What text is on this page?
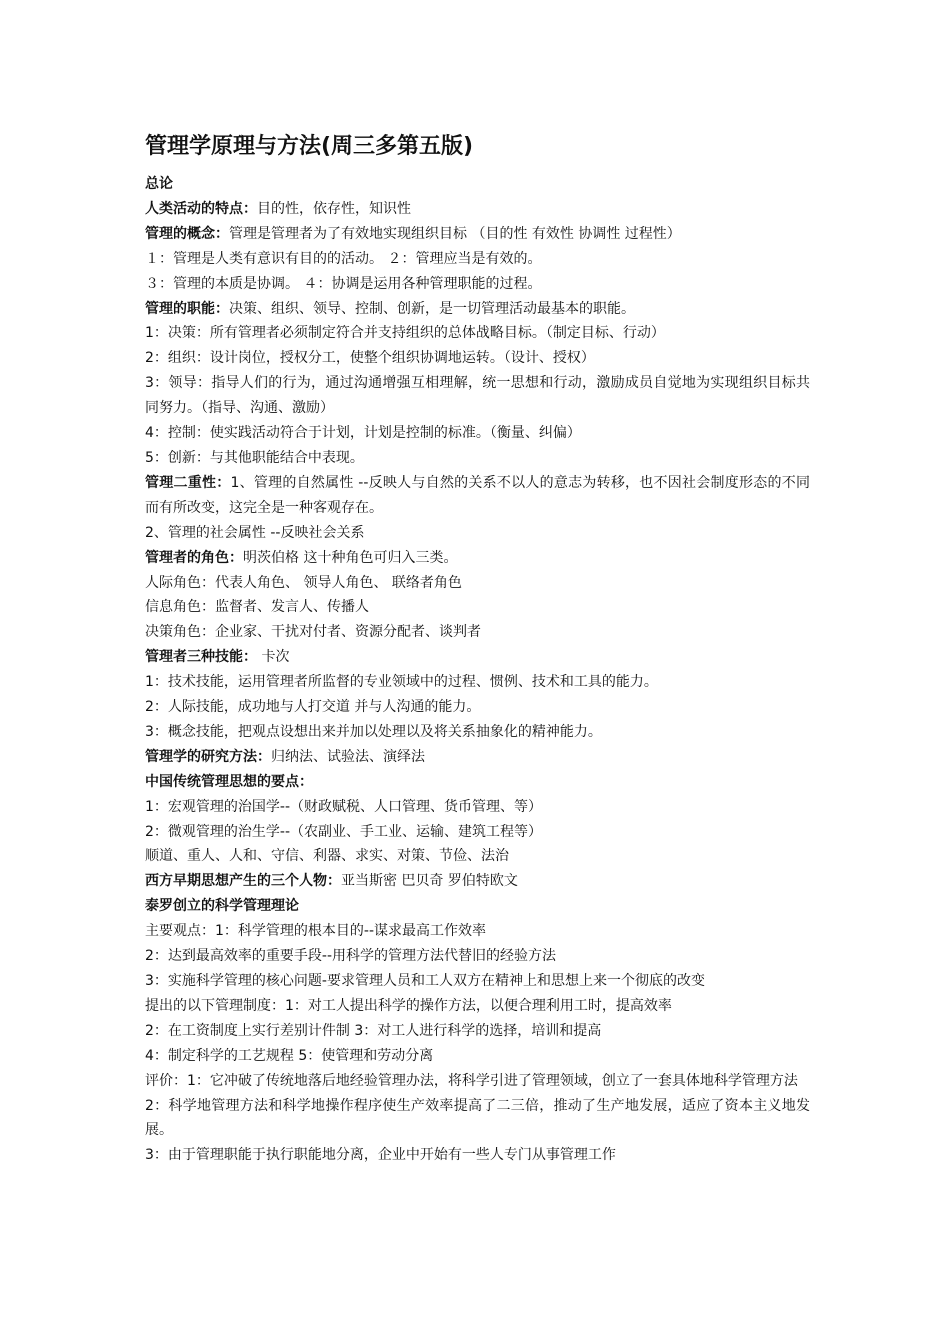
管理学原理与方法(周三多第五版)

总论

人类活动的特点：目的性，依存性，知识性

管理的概念：管理是管理者为了有效地实现组织目标 （目的性 有效性 协调性 过程性）

１：管理是人类有意识有目的的活动。 ２：管理应当是有效的。

３：管理的本质是协调。 ４：协调是运用各种管理职能的过程。

管理的职能：决策、组织、领导、控制、创新，是一切管理活动最基本的职能。

1：决策：所有管理者必须制定符合并支持组织的总体战略目标。（制定目标、行动）

2：组织：设计岗位，授权分工，使整个组织协调地运转。（设计、授权）

3：领导：指导人们的行为，通过沟通增强互相理解，统一思想和行动，激励成员自觉地为实现组织目标共同努力。（指导、沟通、激励）

4：控制：使实践活动符合于计划，计划是控制的标准。（衡量、纠偏）

5：创新：与其他职能结合中表现。

管理二重性：1、管理的自然属性 --反映人与自然的关系不以人的意志为转移，也不因社会制度形态的不同而有所改变，这完全是一种客观存在。

2、管理的社会属性 --反映社会关系

管理者的角色：明茨伯格 这十种角色可归入三类。

人际角色：代表人角色、 领导人角色、 联络者角色

信息角色：监督者、发言人、传播人

决策角色：企业家、干扰对付者、资源分配者、谈判者

管理者三种技能： 卡次

1：技术技能，运用管理者所监督的专业领域中的过程、惯例、技术和工具的能力。

2：人际技能，成功地与人打交道 并与人沟通的能力。

3：概念技能，把观点设想出来并加以处理以及将关系抽象化的精神能力。

管理学的研究方法：归纳法、试验法、演绎法

中国传统管理思想的要点：

1：宏观管理的治国学--（财政赋税、人口管理、货币管理、等）

2：微观管理的治生学--（农副业、手工业、运输、建筑工程等）

顺道、重人、人和、守信、利器、求实、对策、节俭、法治

西方早期思想产生的三个人物：亚当斯密 巴贝奇 罗伯特欧文

泰罗创立的科学管理理论

主要观点：1：科学管理的根本目的--谋求最高工作效率

2：达到最高效率的重要手段--用科学的管理方法代替旧的经验方法

3：实施科学管理的核心问题-要求管理人员和工人双方在精神上和思想上来一个彻底的改变

提出的以下管理制度：1：对工人提出科学的操作方法，以便合理利用工时，提高效率

2：在工资制度上实行差别计件制 3：对工人进行科学的选择，培训和提高

4：制定科学的工艺规程 5：使管理和劳动分离

评价：1：它冲破了传统地落后地经验管理办法，将科学引进了管理领域，创立了一套具体地科学管理方法

2：科学地管理方法和科学地操作程序使生产效率提高了二三倍，推动了生产地发展，适应了资本主义地发展。

3：由于管理职能于执行职能地分离，企业中开始有一些人专门从事管理工作
